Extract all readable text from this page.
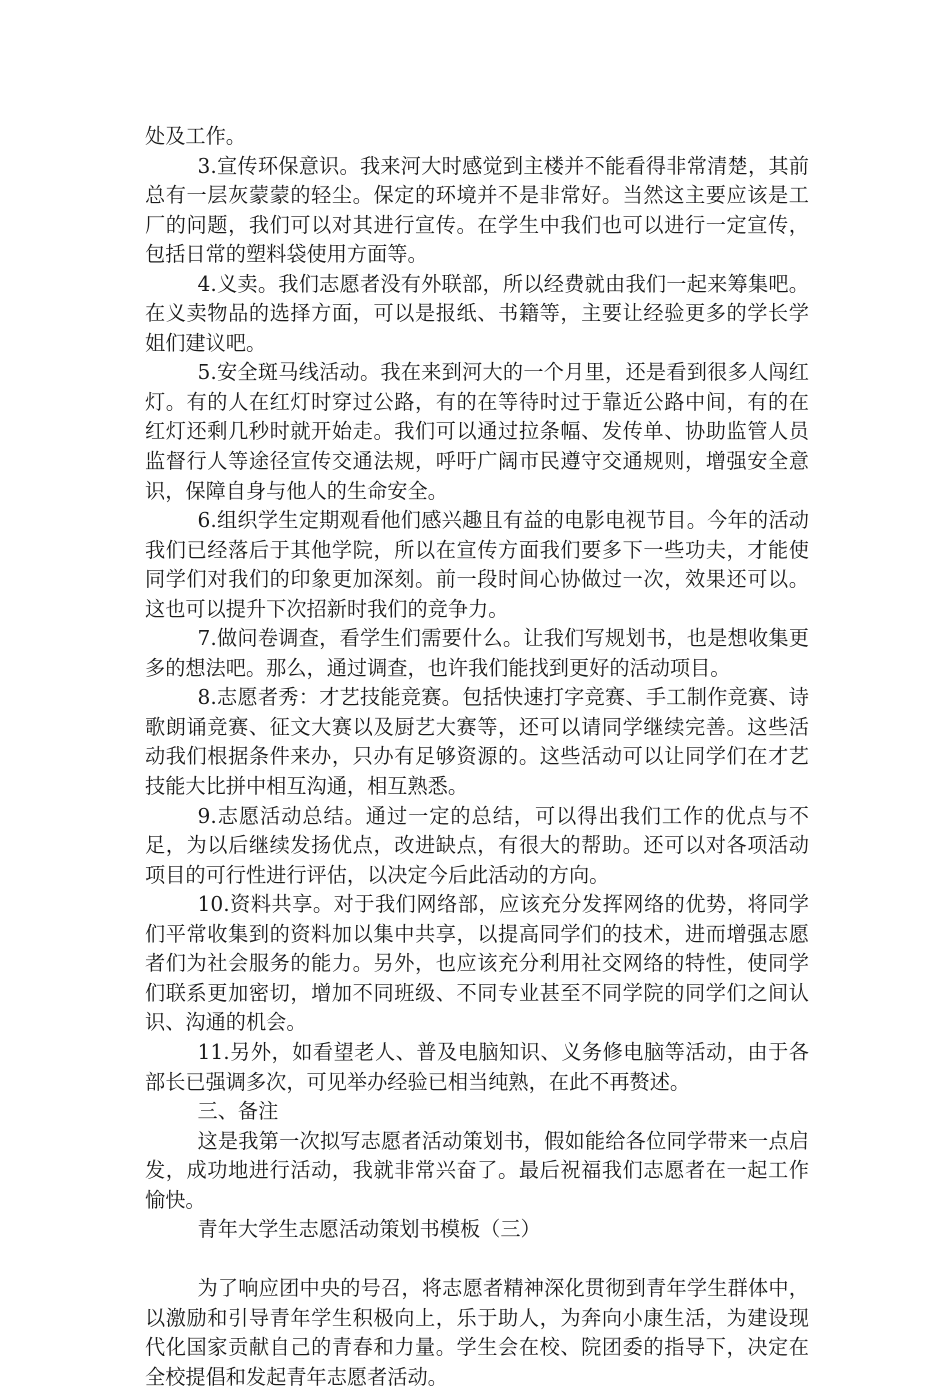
处及工作。

3.宣传环保意识。我来河大时感觉到主楼并不能看得非常清楚，其前总有一层灰蒙蒙的轻尘。保定的环境并不是非常好。当然这主要应该是工厂的问题，我们可以对其进行宣传。在学生中我们也可以进行一定宣传，包括日常的塑料袋使用方面等。

4.义卖。我们志愿者没有外联部，所以经费就由我们一起来筹集吧。在义卖物品的选择方面，可以是报纸、书籍等，主要让经验更多的学长学姐们建议吧。

5.安全斑马线活动。我在来到河大的一个月里，还是看到很多人闯红灯。有的人在红灯时穿过公路，有的在等待时过于靠近公路中间，有的在红灯还剩几秒时就开始走。我们可以通过拉条幅、发传单、协助监管人员监督行人等途径宣传交通法规，呼吁广阔市民遵守交通规则，增强安全意识，保障自身与他人的生命安全。

6.组织学生定期观看他们感兴趣且有益的电影电视节目。今年的活动我们已经落后于其他学院，所以在宣传方面我们要多下一些功夫，才能使同学们对我们的印象更加深刻。前一段时间心协做过一次，效果还可以。这也可以提升下次招新时我们的竞争力。

7.做问卷调查，看学生们需要什么。让我们写规划书，也是想收集更多的想法吧。那么，通过调查，也许我们能找到更好的活动项目。

8.志愿者秀：才艺技能竞赛。包括快速打字竞赛、手工制作竞赛、诗歌朗诵竞赛、征文大赛以及厨艺大赛等，还可以请同学继续完善。这些活动我们根据条件来办，只办有足够资源的。这些活动可以让同学们在才艺技能大比拼中相互沟通，相互熟悉。

9.志愿活动总结。通过一定的总结，可以得出我们工作的优点与不足，为以后继续发扬优点，改进缺点，有很大的帮助。还可以对各项活动项目的可行性进行评估，以决定今后此活动的方向。

10.资料共享。对于我们网络部，应该充分发挥网络的优势，将同学们平常收集到的资料加以集中共享，以提高同学们的技术，进而增强志愿者们为社会服务的能力。另外，也应该充分利用社交网络的特性，使同学们联系更加密切，增加不同班级、不同专业甚至不同学院的同学们之间认识、沟通的机会。

11.另外，如看望老人、普及电脑知识、义务修电脑等活动，由于各部长已强调多次，可见举办经验已相当纯熟，在此不再赘述。

三、备注

这是我第一次拟写志愿者活动策划书，假如能给各位同学带来一点启发，成功地进行活动，我就非常兴奋了。最后祝福我们志愿者在一起工作愉快。

青年大学生志愿活动策划书模板（三）

为了响应团中央的号召，将志愿者精神深化贯彻到青年学生群体中，以激励和引导青年学生积极向上，乐于助人，为奔向小康生活，为建设现代化国家贡献自己的青春和力量。学生会在校、院团委的指导下，决定在全校提倡和发起青年志愿者活动。
